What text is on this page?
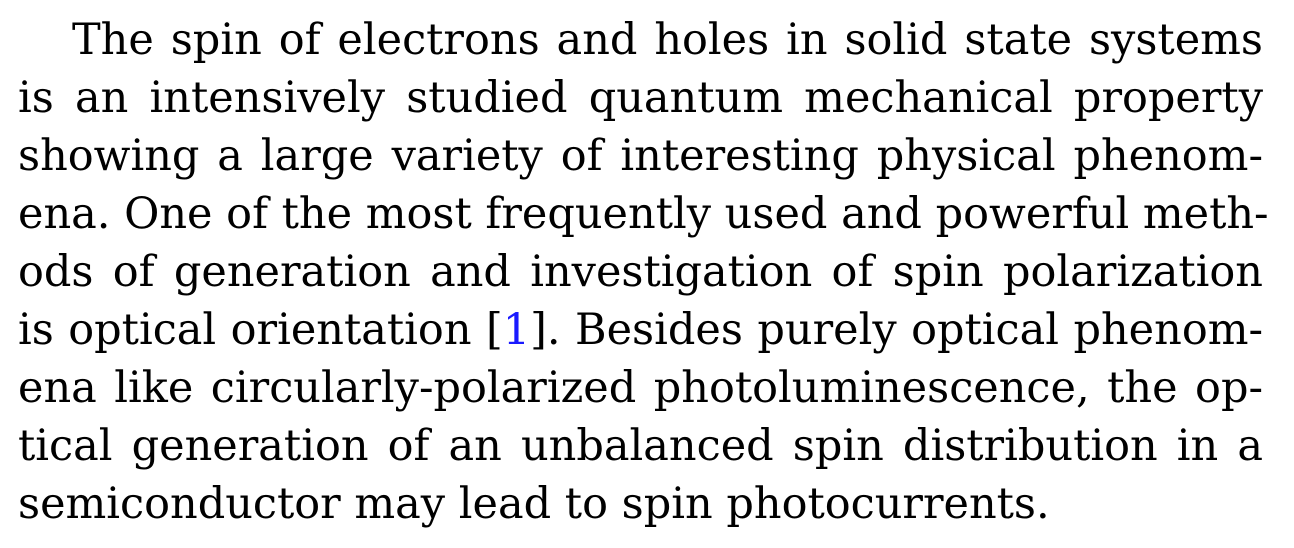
The spin of electrons and holes in solid state systems
is an intensively studied quantum mechanical property
showing a large variety of interesting physical phenom-
ena. One of the most frequently used and powerful meth-
ods of generation and investigation of spin polarization
is optical orientation [1]. Besides purely optical phenom-
ena like circularly-polarized photoluminescence, the op-
tical generation of an unbalanced spin distribution in a
semiconductor may lead to spin photocurrents.
